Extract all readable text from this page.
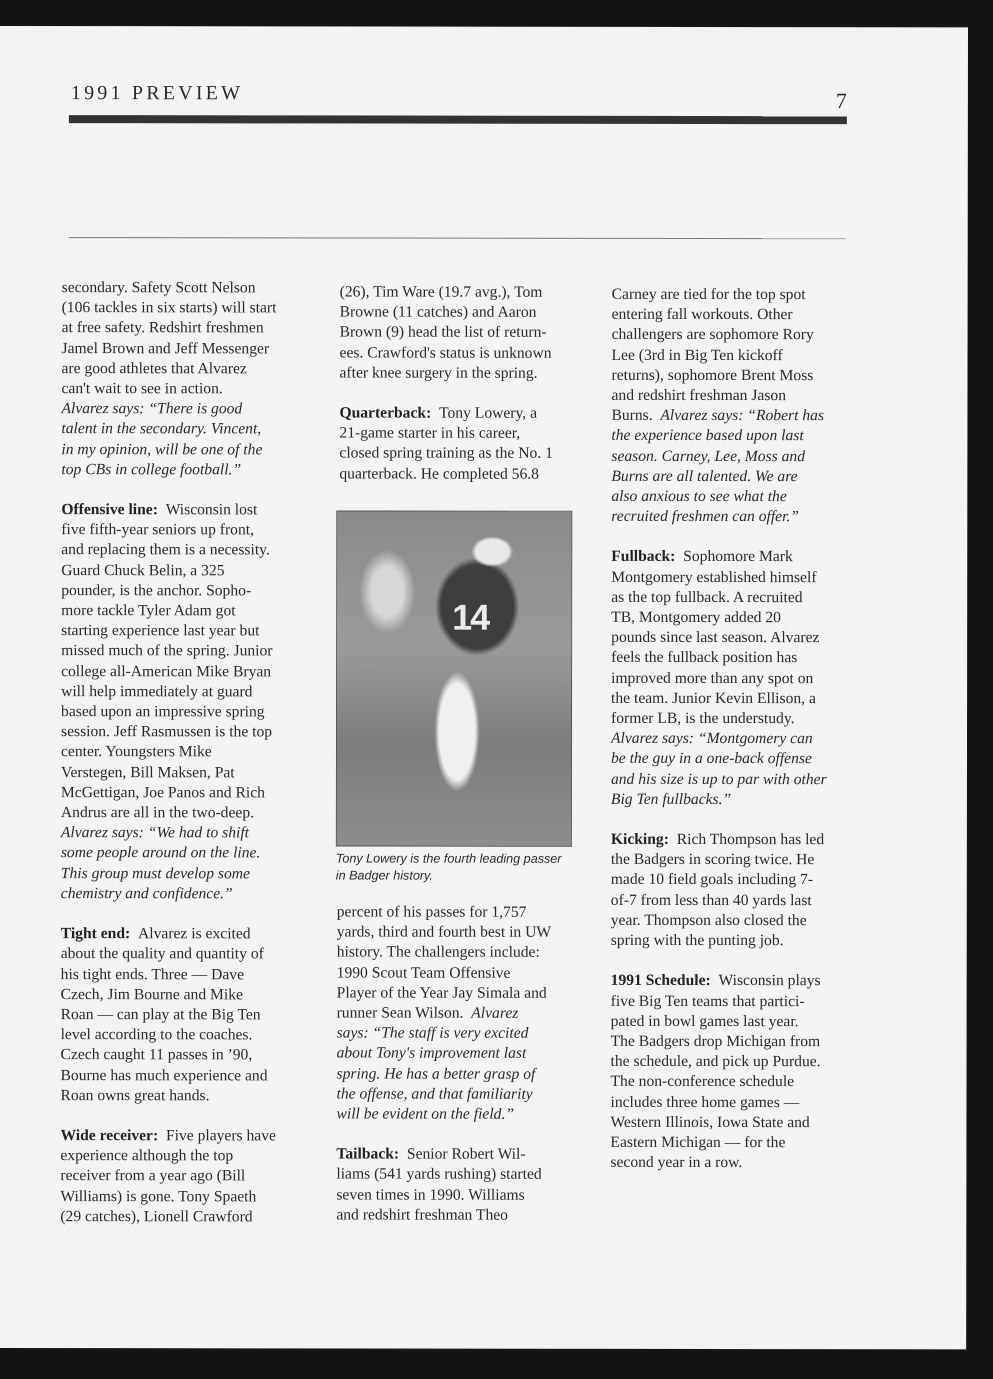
1991 PREVIEW	7

secondary. Safety Scott Nelson
(106 tackles in six starts) will start
at free safety. Redshirt freshmen
Jamel Brown and Jeff Messenger
are good athletes that Alvarez
can't wait to see in action.
Alvarez says: “There is good
talent in the secondary. Vincent,
in my opinion, will be one of the
top CBs in college football.”

Offensive line: Wisconsin lost
five fifth-year seniors up front,
and replacing them is a necessity.
Guard Chuck Belin, a 325
pounder, is the anchor. Sopho-
more tackle Tyler Adam got
starting experience last year but
missed much of the spring. Junior
college all-American Mike Bryan
will help immediately at guard
based upon an impressive spring
session. Jeff Rasmussen is the top
center. Youngsters Mike
Verstegen, Bill Maksen, Pat
McGettigan, Joe Panos and Rich
Andrus are all in the two-deep.
Alvarez says: “We had to shift
some people around on the line.
This group must develop some
chemistry and confidence.”

Tight end: Alvarez is excited
about the quality and quantity of
his tight ends. Three — Dave
Czech, Jim Bourne and Mike
Roan — can play at the Big Ten
level according to the coaches.
Czech caught 11 passes in ’90,
Bourne has much experience and
Roan owns great hands.

Wide receiver: Five players have
experience although the top
receiver from a year ago (Bill
Williams) is gone. Tony Spaeth
(29 catches), Lionell Crawford

(26), Tim Ware (19.7 avg.), Tom
Browne (11 catches) and Aaron
Brown (9) head the list of return-
ees. Crawford's status is unknown
after knee surgery in the spring.

Quarterback: Tony Lowery, a
21-game starter in his career,
closed spring training as the No. 1
quarterback. He completed 56.8

14
Tony Lowery is the fourth leading passer
in Badger history.

percent of his passes for 1,757
yards, third and fourth best in UW
history. The challengers include:
1990 Scout Team Offensive
Player of the Year Jay Simala and
runner Sean Wilson. Alvarez
says: “The staff is very excited
about Tony's improvement last
spring. He has a better grasp of
the offense, and that familiarity
will be evident on the field.”

Tailback: Senior Robert Wil-
liams (541 yards rushing) started
seven times in 1990. Williams
and redshirt freshman Theo

Carney are tied for the top spot
entering fall workouts. Other
challengers are sophomore Rory
Lee (3rd in Big Ten kickoff
returns), sophomore Brent Moss
and redshirt freshman Jason
Burns. Alvarez says: “Robert has
the experience based upon last
season. Carney, Lee, Moss and
Burns are all talented. We are
also anxious to see what the
recruited freshmen can offer.”

Fullback: Sophomore Mark
Montgomery established himself
as the top fullback. A recruited
TB, Montgomery added 20
pounds since last season. Alvarez
feels the fullback position has
improved more than any spot on
the team. Junior Kevin Ellison, a
former LB, is the understudy.
Alvarez says: “Montgomery can
be the guy in a one-back offense
and his size is up to par with other
Big Ten fullbacks.”

Kicking: Rich Thompson has led
the Badgers in scoring twice. He
made 10 field goals including 7-
of-7 from less than 40 yards last
year. Thompson also closed the
spring with the punting job.

1991 Schedule: Wisconsin plays
five Big Ten teams that partici-
pated in bowl games last year.
The Badgers drop Michigan from
the schedule, and pick up Purdue.
The non-conference schedule
includes three home games —
Western Illinois, Iowa State and
Eastern Michigan — for the
second year in a row.
